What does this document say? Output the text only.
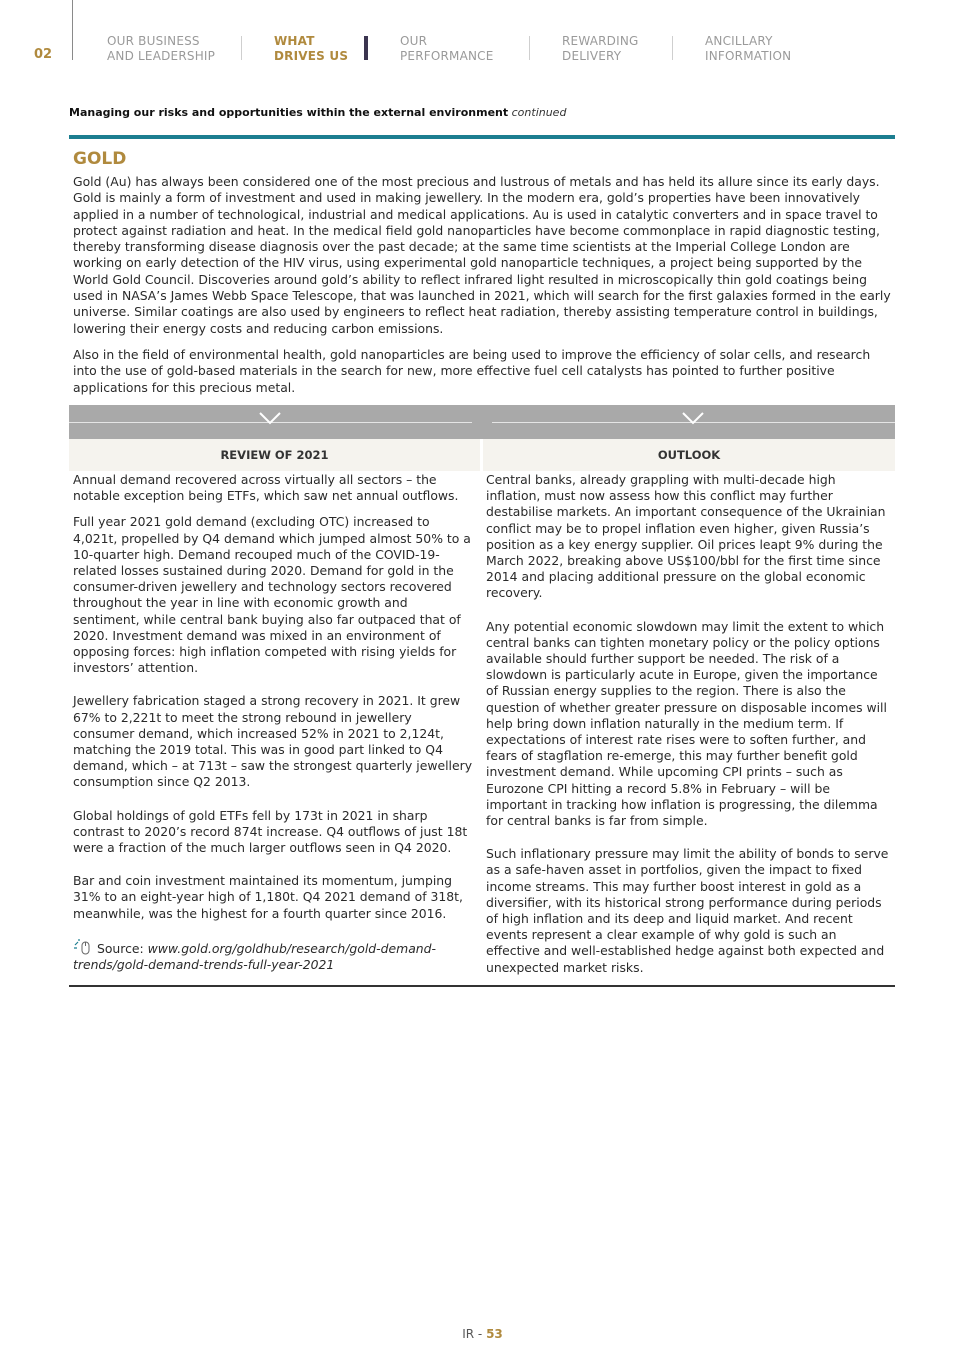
02
OUR BUSINESS
AND LEADERSHIP
WHAT
DRIVES US
OUR
PERFORMANCE
REWARDING
DELIVERY
ANCILLARY
INFORMATION
Managing our risks and opportunities within the external environment continued
GOLD

Gold (Au) has always been considered one of the most precious and lustrous of metals and has held its allure since its early days. Gold is mainly a form of investment and used in making jewellery. In the modern era, gold’s properties have been innovatively applied in a number of technological, industrial and medical applications. Au is used in catalytic converters and in space travel to protect against radiation and heat. In the medical field gold nanoparticles have become commonplace in rapid diagnostic testing, thereby transforming disease diagnosis over the past decade; at the same time scientists at the Imperial College London are working on early detection of the HIV virus, using experimental gold nanoparticle techniques, a project being supported by the World Gold Council. Discoveries around gold’s ability to reflect infrared light resulted in microscopically thin gold coatings being used in NASA’s James Webb Space Telescope, that was launched in 2021, which will search for the first galaxies formed in the early universe. Similar coatings are also used by engineers to reflect heat radiation, thereby assisting temperature control in buildings, lowering their energy costs and reducing carbon emissions.

Also in the field of environmental health, gold nanoparticles are being used to improve the efficiency of solar cells, and research into the use of gold-based materials in the search for new, more effective fuel cell catalysts has pointed to further positive applications for this precious metal.

REVIEW OF 2021	OUTLOOK

Annual demand recovered across virtually all sectors – the notable exception being ETFs, which saw net annual outflows.

Full year 2021 gold demand (excluding OTC) increased to 4,021t, propelled by Q4 demand which jumped almost 50% to a 10-quarter high. Demand recouped much of the COVID-19-related losses sustained during 2020. Demand for gold in the consumer-driven jewellery and technology sectors recovered throughout the year in line with economic growth and sentiment, while central bank buying also far outpaced that of 2020. Investment demand was mixed in an environment of opposing forces: high inflation competed with rising yields for investors’ attention.

Jewellery fabrication staged a strong recovery in 2021. It grew 67% to 2,221t to meet the strong rebound in jewellery consumer demand, which increased 52% in 2021 to 2,124t, matching the 2019 total. This was in good part linked to Q4 demand, which – at 713t – saw the strongest quarterly jewellery consumption since Q2 2013.

Global holdings of gold ETFs fell by 173t in 2021 in sharp contrast to 2020’s record 874t increase. Q4 outflows of just 18t were a fraction of the much larger outflows seen in Q4 2020.

Bar and coin investment maintained its momentum, jumping 31% to an eight-year high of 1,180t. Q4 2021 demand of 318t, meanwhile, was the highest for a fourth quarter since 2016.

Source: www.gold.org/goldhub/research/gold-demand-trends/gold-demand-trends-full-year-2021

Central banks, already grappling with multi-decade high inflation, must now assess how this conflict may further destabilise markets. An important consequence of the Ukrainian conflict may be to propel inflation even higher, given Russia’s position as a key energy supplier. Oil prices leapt 9% during the March 2022, breaking above US$100/bbl for the first time since 2014 and placing additional pressure on the global economic recovery.

Any potential economic slowdown may limit the extent to which central banks can tighten monetary policy or the policy options available should further support be needed. The risk of a slowdown is particularly acute in Europe, given the importance of Russian energy supplies to the region. There is also the question of whether greater pressure on disposable incomes will help bring down inflation naturally in the medium term. If expectations of interest rate rises were to soften further, and fears of stagflation re-emerge, this may further benefit gold investment demand. While upcoming CPI prints – such as Eurozone CPI hitting a record 5.8% in February – will be important in tracking how inflation is progressing, the dilemma for central banks is far from simple.

Such inflationary pressure may limit the ability of bonds to serve as a safe-haven asset in portfolios, given the impact to fixed income streams. This may further boost interest in gold as a diversifier, with its historical strong performance during periods of high inflation and its deep and liquid market. And recent events represent a clear example of why gold is such an effective and well-established hedge against both expected and unexpected market risks.

IR - 53
